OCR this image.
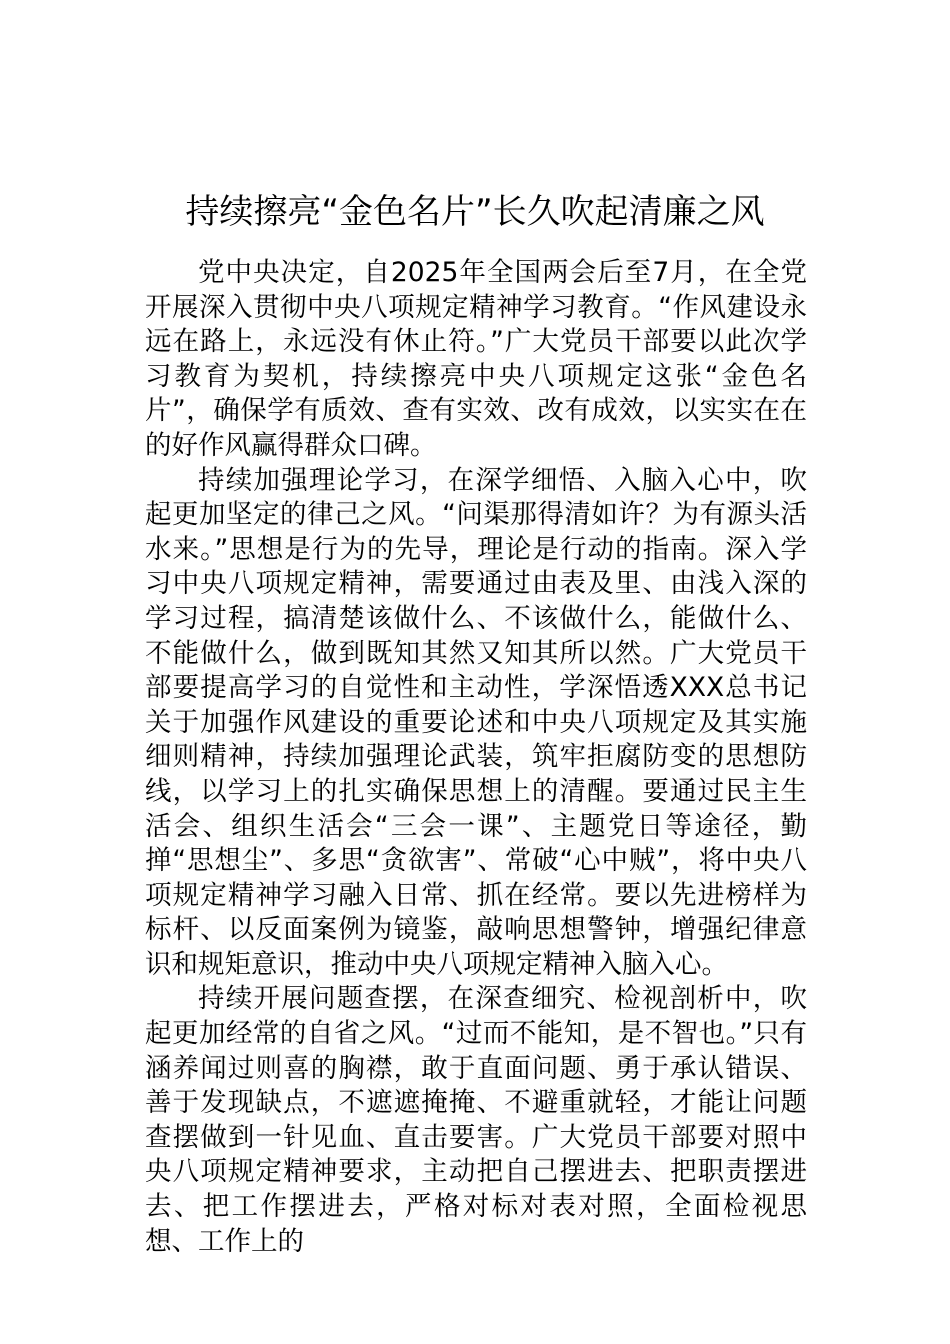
持续擦亮“金色名片”长久吹起清廉之风

党中央决定，自2025年全国两会后至7月，在全党开展深入贯彻中央八项规定精神学习教育。“作风建设永远在路上，永远没有休止符。”广大党员干部要以此次学习教育为契机，持续擦亮中央八项规定这张“金色名片”，确保学有质效、查有实效、改有成效，以实实在在的好作风赢得群众口碑。

持续加强理论学习，在深学细悟、入脑入心中，吹起更加坚定的律己之风。“问渠那得清如许？为有源头活水来。”思想是行为的先导，理论是行动的指南。深入学习中央八项规定精神，需要通过由表及里、由浅入深的学习过程，搞清楚该做什么、不该做什么，能做什么、不能做什么，做到既知其然又知其所以然。广大党员干部要提高学习的自觉性和主动性，学深悟透XXX总书记关于加强作风建设的重要论述和中央八项规定及其实施细则精神，持续加强理论武装，筑牢拒腐防变的思想防线，以学习上的扎实确保思想上的清醒。要通过民主生活会、组织生活会“三会一课”、主题党日等途径，勤掸“思想尘”、多思“贪欲害”、常破“心中贼”，将中央八项规定精神学习融入日常、抓在经常。要以先进榜样为标杆、以反面案例为镜鉴，敲响思想警钟，增强纪律意识和规矩意识，推动中央八项规定精神入脑入心。

持续开展问题查摆，在深查细究、检视剖析中，吹起更加经常的自省之风。“过而不能知，是不智也。”只有涵养闻过则喜的胸襟，敢于直面问题、勇于承认错误、善于发现缺点，不遮遮掩掩、不避重就轻，才能让问题查摆做到一针见血、直击要害。广大党员干部要对照中央八项规定精神要求，主动把自己摆进去、把职责摆进去、把工作摆进去，严格对标对表对照，全面检视思想、工作上的
